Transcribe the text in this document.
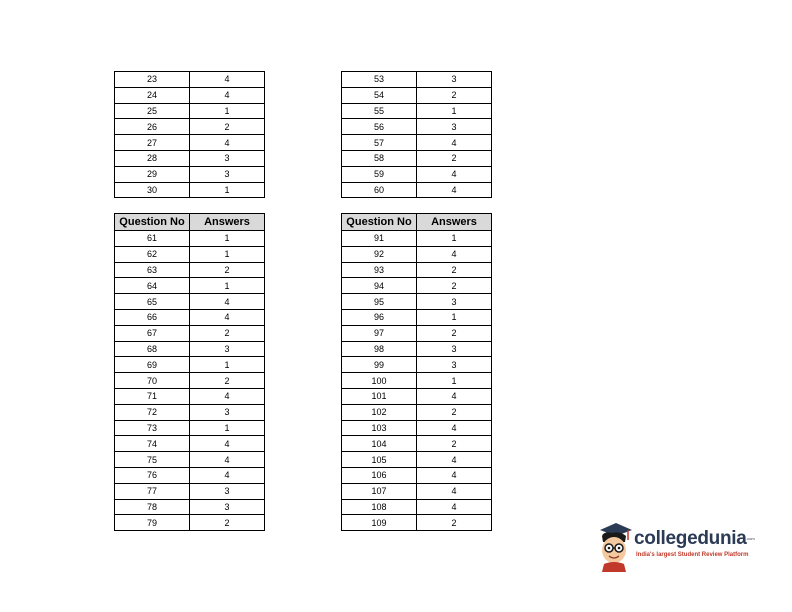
23	4
24	4
25	1
26	2
27	4
28	3
29	3
30	1
53	3
54	2
55	1
56	3
57	4
58	2
59	4
60	4
Question No	Answers
61	1
62	1
63	2
64	1
65	4
66	4
67	2
68	3
69	1
70	2
71	4
72	3
73	1
74	4
75	4
76	4
77	3
78	3
79	2
Question No	Answers
91	1
92	4
93	2
94	2
95	3
96	1
97	2
98	3
99	3
100	1
101	4
102	2
103	4
104	2
105	4
106	4
107	4
108	4
109	2
collegedunia .com
India's largest Student Review Platform
